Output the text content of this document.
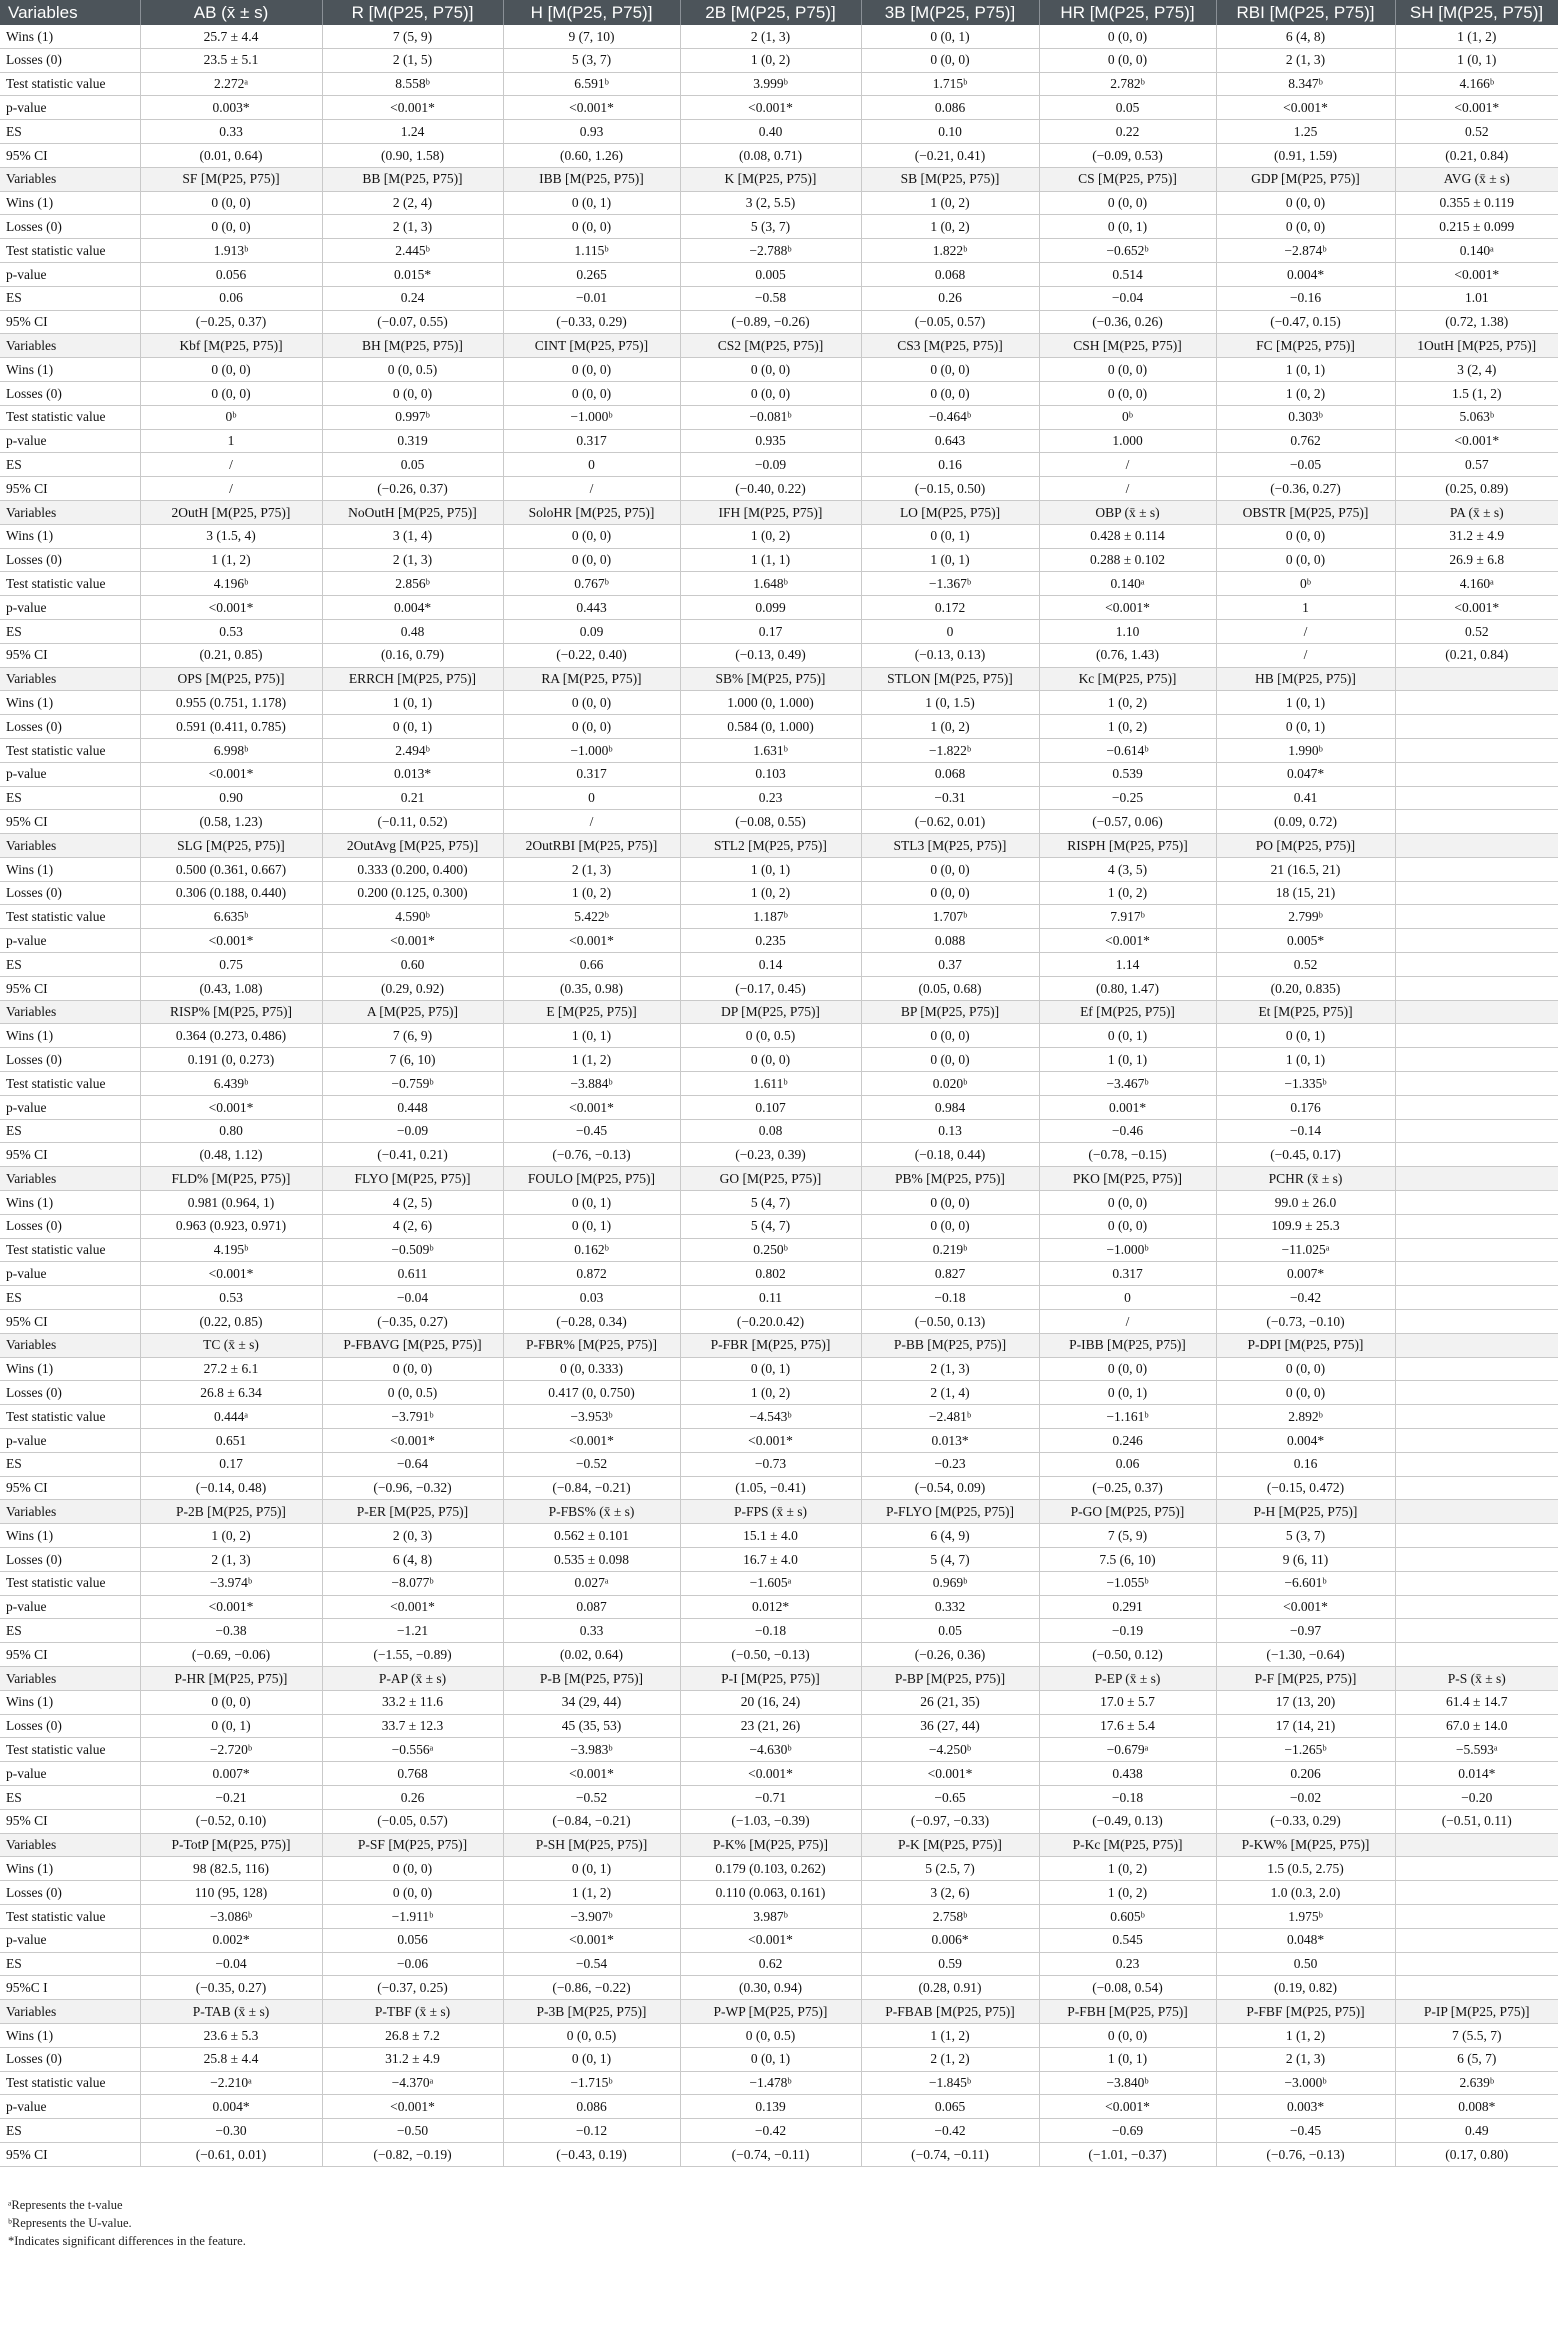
Variables	AB (x̄ ± s)	R [M(P25, P75)]	H [M(P25, P75)]	2B [M(P25, P75)]	3B [M(P25, P75)]	HR [M(P25, P75)]	RBI [M(P25, P75)]	SH [M(P25, P75)]
Wins (1)	25.7 ± 4.4	7 (5, 9)	9 (7, 10)	2 (1, 3)	0 (0, 1)	0 (0, 0)	6 (4, 8)	1 (1, 2)
Losses (0)	23.5 ± 5.1	2 (1, 5)	5 (3, 7)	1 (0, 2)	0 (0, 0)	0 (0, 0)	2 (1, 3)	1 (0, 1)
Test statistic value	2.272ᵃ	8.558ᵇ	6.591ᵇ	3.999ᵇ	1.715ᵇ	2.782ᵇ	8.347ᵇ	4.166ᵇ
p-value	0.003*	<0.001*	<0.001*	<0.001*	0.086	0.05	<0.001*	<0.001*
ES	0.33	1.24	0.93	0.40	0.10	0.22	1.25	0.52
95% CI	(0.01, 0.64)	(0.90, 1.58)	(0.60, 1.26)	(0.08, 0.71)	(−0.21, 0.41)	(−0.09, 0.53)	(0.91, 1.59)	(0.21, 0.84)
Variables	SF [M(P25, P75)]	BB [M(P25, P75)]	IBB [M(P25, P75)]	K [M(P25, P75)]	SB [M(P25, P75)]	CS [M(P25, P75)]	GDP [M(P25, P75)]	AVG (x̄ ± s)
Wins (1)	0 (0, 0)	2 (2, 4)	0 (0, 1)	3 (2, 5.5)	1 (0, 2)	0 (0, 0)	0 (0, 0)	0.355 ± 0.119
Losses (0)	0 (0, 0)	2 (1, 3)	0 (0, 0)	5 (3, 7)	1 (0, 2)	0 (0, 1)	0 (0, 0)	0.215 ± 0.099
Test statistic value	1.913ᵇ	2.445ᵇ	1.115ᵇ	−2.788ᵇ	1.822ᵇ	−0.652ᵇ	−2.874ᵇ	0.140ᵃ
p-value	0.056	0.015*	0.265	0.005	0.068	0.514	0.004*	<0.001*
ES	0.06	0.24	−0.01	−0.58	0.26	−0.04	−0.16	1.01
95% CI	(−0.25, 0.37)	(−0.07, 0.55)	(−0.33, 0.29)	(−0.89, −0.26)	(−0.05, 0.57)	(−0.36, 0.26)	(−0.47, 0.15)	(0.72, 1.38)
Variables	Kbf [M(P25, P75)]	BH [M(P25, P75)]	CINT [M(P25, P75)]	CS2 [M(P25, P75)]	CS3 [M(P25, P75)]	CSH [M(P25, P75)]	FC [M(P25, P75)]	1OutH [M(P25, P75)]
Wins (1)	0 (0, 0)	0 (0, 0.5)	0 (0, 0)	0 (0, 0)	0 (0, 0)	0 (0, 0)	1 (0, 1)	3 (2, 4)
Losses (0)	0 (0, 0)	0 (0, 0)	0 (0, 0)	0 (0, 0)	0 (0, 0)	0 (0, 0)	1 (0, 2)	1.5 (1, 2)
Test statistic value	0ᵇ	0.997ᵇ	−1.000ᵇ	−0.081ᵇ	−0.464ᵇ	0ᵇ	0.303ᵇ	5.063ᵇ
p-value	1	0.319	0.317	0.935	0.643	1.000	0.762	<0.001*
ES	/	0.05	0	−0.09	0.16	/	−0.05	0.57
95% CI	/	(−0.26, 0.37)	/	(−0.40, 0.22)	(−0.15, 0.50)	/	(−0.36, 0.27)	(0.25, 0.89)
Variables	2OutH [M(P25, P75)]	NoOutH [M(P25, P75)]	SoloHR [M(P25, P75)]	IFH [M(P25, P75)]	LO [M(P25, P75)]	OBP (x̄ ± s)	OBSTR [M(P25, P75)]	PA (x̄ ± s)
Wins (1)	3 (1.5, 4)	3 (1, 4)	0 (0, 0)	1 (0, 2)	0 (0, 1)	0.428 ± 0.114	0 (0, 0)	31.2 ± 4.9
Losses (0)	1 (1, 2)	2 (1, 3)	0 (0, 0)	1 (1, 1)	1 (0, 1)	0.288 ± 0.102	0 (0, 0)	26.9 ± 6.8
Test statistic value	4.196ᵇ	2.856ᵇ	0.767ᵇ	1.648ᵇ	−1.367ᵇ	0.140ᵃ	0ᵇ	4.160ᵃ
p-value	<0.001*	0.004*	0.443	0.099	0.172	<0.001*	1	<0.001*
ES	0.53	0.48	0.09	0.17	0	1.10	/	0.52
95% CI	(0.21, 0.85)	(0.16, 0.79)	(−0.22, 0.40)	(−0.13, 0.49)	(−0.13, 0.13)	(0.76, 1.43)	/	(0.21, 0.84)
Variables	OPS [M(P25, P75)]	ERRCH [M(P25, P75)]	RA [M(P25, P75)]	SB% [M(P25, P75)]	STLON [M(P25, P75)]	Kc [M(P25, P75)]	HB [M(P25, P75)]	
Wins (1)	0.955 (0.751, 1.178)	1 (0, 1)	0 (0, 0)	1.000 (0, 1.000)	1 (0, 1.5)	1 (0, 2)	1 (0, 1)	
Losses (0)	0.591 (0.411, 0.785)	0 (0, 1)	0 (0, 0)	0.584 (0, 1.000)	1 (0, 2)	1 (0, 2)	0 (0, 1)	
Test statistic value	6.998ᵇ	2.494ᵇ	−1.000ᵇ	1.631ᵇ	−1.822ᵇ	−0.614ᵇ	1.990ᵇ	
p-value	<0.001*	0.013*	0.317	0.103	0.068	0.539	0.047*	
ES	0.90	0.21	0	0.23	−0.31	−0.25	0.41	
95% CI	(0.58, 1.23)	(−0.11, 0.52)	/	(−0.08, 0.55)	(−0.62, 0.01)	(−0.57, 0.06)	(0.09, 0.72)	
Variables	SLG [M(P25, P75)]	2OutAvg [M(P25, P75)]	2OutRBI [M(P25, P75)]	STL2 [M(P25, P75)]	STL3 [M(P25, P75)]	RISPH [M(P25, P75)]	PO [M(P25, P75)]	
Wins (1)	0.500 (0.361, 0.667)	0.333 (0.200, 0.400)	2 (1, 3)	1 (0, 1)	0 (0, 0)	4 (3, 5)	21 (16.5, 21)	
Losses (0)	0.306 (0.188, 0.440)	0.200 (0.125, 0.300)	1 (0, 2)	1 (0, 2)	0 (0, 0)	1 (0, 2)	18 (15, 21)	
Test statistic value	6.635ᵇ	4.590ᵇ	5.422ᵇ	1.187ᵇ	1.707ᵇ	7.917ᵇ	2.799ᵇ	
p-value	<0.001*	<0.001*	<0.001*	0.235	0.088	<0.001*	0.005*	
ES	0.75	0.60	0.66	0.14	0.37	1.14	0.52	
95% CI	(0.43, 1.08)	(0.29, 0.92)	(0.35, 0.98)	(−0.17, 0.45)	(0.05, 0.68)	(0.80, 1.47)	(0.20, 0.835)	
Variables	RISP% [M(P25, P75)]	A [M(P25, P75)]	E [M(P25, P75)]	DP [M(P25, P75)]	BP [M(P25, P75)]	Ef [M(P25, P75)]	Et [M(P25, P75)]	
Wins (1)	0.364 (0.273, 0.486)	7 (6, 9)	1 (0, 1)	0 (0, 0.5)	0 (0, 0)	0 (0, 1)	0 (0, 1)	
Losses (0)	0.191 (0, 0.273)	7 (6, 10)	1 (1, 2)	0 (0, 0)	0 (0, 0)	1 (0, 1)	1 (0, 1)	
Test statistic value	6.439ᵇ	−0.759ᵇ	−3.884ᵇ	1.611ᵇ	0.020ᵇ	−3.467ᵇ	−1.335ᵇ	
p-value	<0.001*	0.448	<0.001*	0.107	0.984	0.001*	0.176	
ES	0.80	−0.09	−0.45	0.08	0.13	−0.46	−0.14	
95% CI	(0.48, 1.12)	(−0.41, 0.21)	(−0.76, −0.13)	(−0.23, 0.39)	(−0.18, 0.44)	(−0.78, −0.15)	(−0.45, 0.17)	
Variables	FLD% [M(P25, P75)]	FLYO [M(P25, P75)]	FOULO [M(P25, P75)]	GO [M(P25, P75)]	PB% [M(P25, P75)]	PKO [M(P25, P75)]	PCHR (x̄ ± s)	
Wins (1)	0.981 (0.964, 1)	4 (2, 5)	0 (0, 1)	5 (4, 7)	0 (0, 0)	0 (0, 0)	99.0 ± 26.0	
Losses (0)	0.963 (0.923, 0.971)	4 (2, 6)	0 (0, 1)	5 (4, 7)	0 (0, 0)	0 (0, 0)	109.9 ± 25.3	
Test statistic value	4.195ᵇ	−0.509ᵇ	0.162ᵇ	0.250ᵇ	0.219ᵇ	−1.000ᵇ	−11.025ᵃ	
p-value	<0.001*	0.611	0.872	0.802	0.827	0.317	0.007*	
ES	0.53	−0.04	0.03	0.11	−0.18	0	−0.42	
95% CI	(0.22, 0.85)	(−0.35, 0.27)	(−0.28, 0.34)	(−0.20.0.42)	(−0.50, 0.13)	/	(−0.73, −0.10)	
Variables	TC (x̄ ± s)	P-FBAVG [M(P25, P75)]	P-FBR% [M(P25, P75)]	P-FBR [M(P25, P75)]	P-BB [M(P25, P75)]	P-IBB [M(P25, P75)]	P-DPI [M(P25, P75)]	
Wins (1)	27.2 ± 6.1	0 (0, 0)	0 (0, 0.333)	0 (0, 1)	2 (1, 3)	0 (0, 0)	0 (0, 0)	
Losses (0)	26.8 ± 6.34	0 (0, 0.5)	0.417 (0, 0.750)	1 (0, 2)	2 (1, 4)	0 (0, 1)	0 (0, 0)	
Test statistic value	0.444ᵃ	−3.791ᵇ	−3.953ᵇ	−4.543ᵇ	−2.481ᵇ	−1.161ᵇ	2.892ᵇ	
p-value	0.651	<0.001*	<0.001*	<0.001*	0.013*	0.246	0.004*	
ES	0.17	−0.64	−0.52	−0.73	−0.23	0.06	0.16	
95% CI	(−0.14, 0.48)	(−0.96, −0.32)	(−0.84, −0.21)	(1.05, −0.41)	(−0.54, 0.09)	(−0.25, 0.37)	(−0.15, 0.472)	
Variables	P-2B [M(P25, P75)]	P-ER [M(P25, P75)]	P-FBS% (x̄ ± s)	P-FPS (x̄ ± s)	P-FLYO [M(P25, P75)]	P-GO [M(P25, P75)]	P-H [M(P25, P75)]	
Wins (1)	1 (0, 2)	2 (0, 3)	0.562 ± 0.101	15.1 ± 4.0	6 (4, 9)	7 (5, 9)	5 (3, 7)	
Losses (0)	2 (1, 3)	6 (4, 8)	0.535 ± 0.098	16.7 ± 4.0	5 (4, 7)	7.5 (6, 10)	9 (6, 11)	
Test statistic value	−3.974ᵇ	−8.077ᵇ	0.027ᵃ	−1.605ᵃ	0.969ᵇ	−1.055ᵇ	−6.601ᵇ	
p-value	<0.001*	<0.001*	0.087	0.012*	0.332	0.291	<0.001*	
ES	−0.38	−1.21	0.33	−0.18	0.05	−0.19	−0.97	
95% CI	(−0.69, −0.06)	(−1.55, −0.89)	(0.02, 0.64)	(−0.50, −0.13)	(−0.26, 0.36)	(−0.50, 0.12)	(−1.30, −0.64)	
Variables	P-HR [M(P25, P75)]	P-AP (x̄ ± s)	P-B [M(P25, P75)]	P-I [M(P25, P75)]	P-BP [M(P25, P75)]	P-EP (x̄ ± s)	P-F [M(P25, P75)]	P-S (x̄ ± s)
Wins (1)	0 (0, 0)	33.2 ± 11.6	34 (29, 44)	20 (16, 24)	26 (21, 35)	17.0 ± 5.7	17 (13, 20)	61.4 ± 14.7
Losses (0)	0 (0, 1)	33.7 ± 12.3	45 (35, 53)	23 (21, 26)	36 (27, 44)	17.6 ± 5.4	17 (14, 21)	67.0 ± 14.0
Test statistic value	−2.720ᵇ	−0.556ᵃ	−3.983ᵇ	−4.630ᵇ	−4.250ᵇ	−0.679ᵃ	−1.265ᵇ	−5.593ᵃ
p-value	0.007*	0.768	<0.001*	<0.001*	<0.001*	0.438	0.206	0.014*
ES	−0.21	0.26	−0.52	−0.71	−0.65	−0.18	−0.02	−0.20
95% CI	(−0.52, 0.10)	(−0.05, 0.57)	(−0.84, −0.21)	(−1.03, −0.39)	(−0.97, −0.33)	(−0.49, 0.13)	(−0.33, 0.29)	(−0.51, 0.11)
Variables	P-TotP [M(P25, P75)]	P-SF [M(P25, P75)]	P-SH [M(P25, P75)]	P-K% [M(P25, P75)]	P-K [M(P25, P75)]	P-Kc [M(P25, P75)]	P-KW% [M(P25, P75)]	
Wins (1)	98 (82.5, 116)	0 (0, 0)	0 (0, 1)	0.179 (0.103, 0.262)	5 (2.5, 7)	1 (0, 2)	1.5 (0.5, 2.75)	
Losses (0)	110 (95, 128)	0 (0, 0)	1 (1, 2)	0.110 (0.063, 0.161)	3 (2, 6)	1 (0, 2)	1.0 (0.3, 2.0)	
Test statistic value	−3.086ᵇ	−1.911ᵇ	−3.907ᵇ	3.987ᵇ	2.758ᵇ	0.605ᵇ	1.975ᵇ	
p-value	0.002*	0.056	<0.001*	<0.001*	0.006*	0.545	0.048*	
ES	−0.04	−0.06	−0.54	0.62	0.59	0.23	0.50	
95%C I	(−0.35, 0.27)	(−0.37, 0.25)	(−0.86, −0.22)	(0.30, 0.94)	(0.28, 0.91)	(−0.08, 0.54)	(0.19, 0.82)	
Variables	P-TAB (x̄ ± s)	P-TBF (x̄ ± s)	P-3B [M(P25, P75)]	P-WP [M(P25, P75)]	P-FBAB [M(P25, P75)]	P-FBH [M(P25, P75)]	P-FBF [M(P25, P75)]	P-IP [M(P25, P75)]
Wins (1)	23.6 ± 5.3	26.8 ± 7.2	0 (0, 0.5)	0 (0, 0.5)	1 (1, 2)	0 (0, 0)	1 (1, 2)	7 (5.5, 7)
Losses (0)	25.8 ± 4.4	31.2 ± 4.9	0 (0, 1)	0 (0, 1)	2 (1, 2)	1 (0, 1)	2 (1, 3)	6 (5, 7)
Test statistic value	−2.210ᵃ	−4.370ᵃ	−1.715ᵇ	−1.478ᵇ	−1.845ᵇ	−3.840ᵇ	−3.000ᵇ	2.639ᵇ
p-value	0.004*	<0.001*	0.086	0.139	0.065	<0.001*	0.003*	0.008*
ES	−0.30	−0.50	−0.12	−0.42	−0.42	−0.69	−0.45	0.49
95% CI	(−0.61, 0.01)	(−0.82, −0.19)	(−0.43, 0.19)	(−0.74, −0.11)	(−0.74, −0.11)	(−1.01, −0.37)	(−0.76, −0.13)	(0.17, 0.80)
ᵃRepresents the t-value
ᵇRepresents the U-value.
*Indicates significant differences in the feature.
